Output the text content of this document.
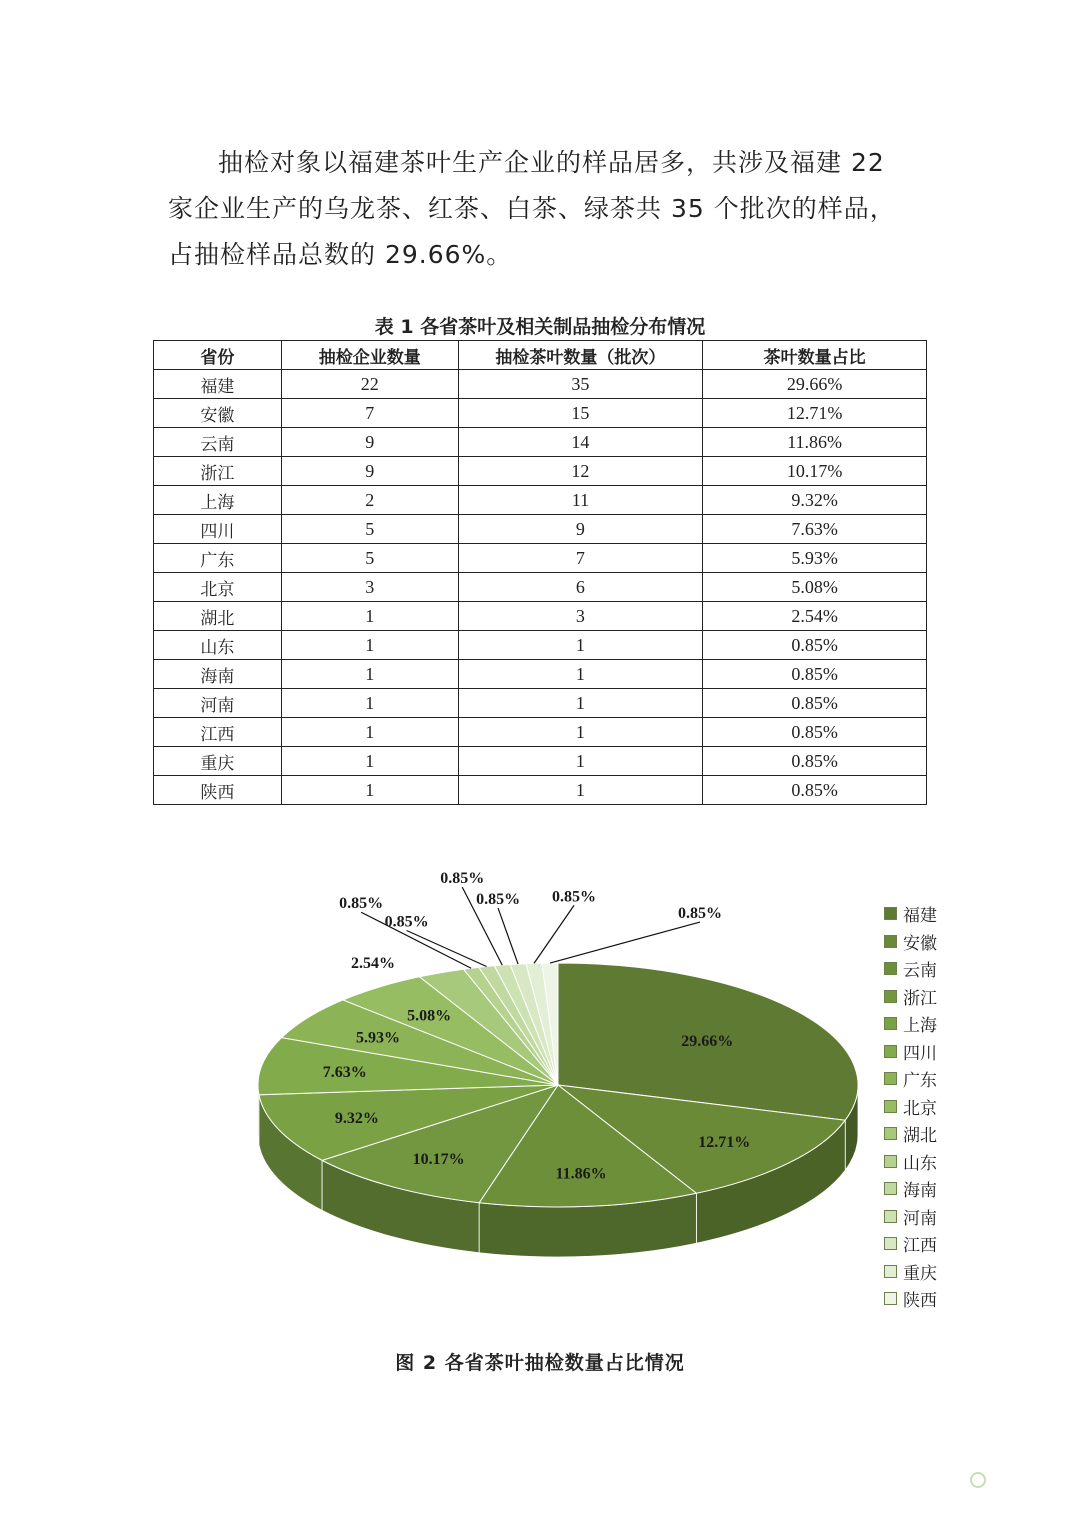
抽检对象以福建茶叶生产企业的样品居多，共涉及福建 22
家企业生产的乌龙茶、红茶、白茶、绿茶共 35 个批次的样品，
占抽检样品总数的 29.66%。

表 1 各省茶叶及相关制品抽检分布情况
省份	抽检企业数量	抽检茶叶数量（批次）	茶叶数量占比
福建	22	35	29.66%
安徽	7	15	12.71%
云南	9	14	11.86%
浙江	9	12	10.17%
上海	2	11	9.32%
四川	5	9	7.63%
广东	5	7	5.93%
北京	3	6	5.08%
湖北	1	3	2.54%
山东	1	1	0.85%
海南	1	1	0.85%
河南	1	1	0.85%
江西	1	1	0.85%
重庆	1	1	0.85%
陕西	1	1	0.85%
29.66%
12.71%
11.86%
10.17%
9.32%
7.63%
5.93%
5.08%
2.54%
0.85%
0.85%
0.85%
0.85% 0.85%
0.85%	福建
安徽
云南
浙江
上海
四川
广东
北京
湖北
山东
海南
河南
江西
重庆
陕西
图 2 各省茶叶抽检数量占比情况
